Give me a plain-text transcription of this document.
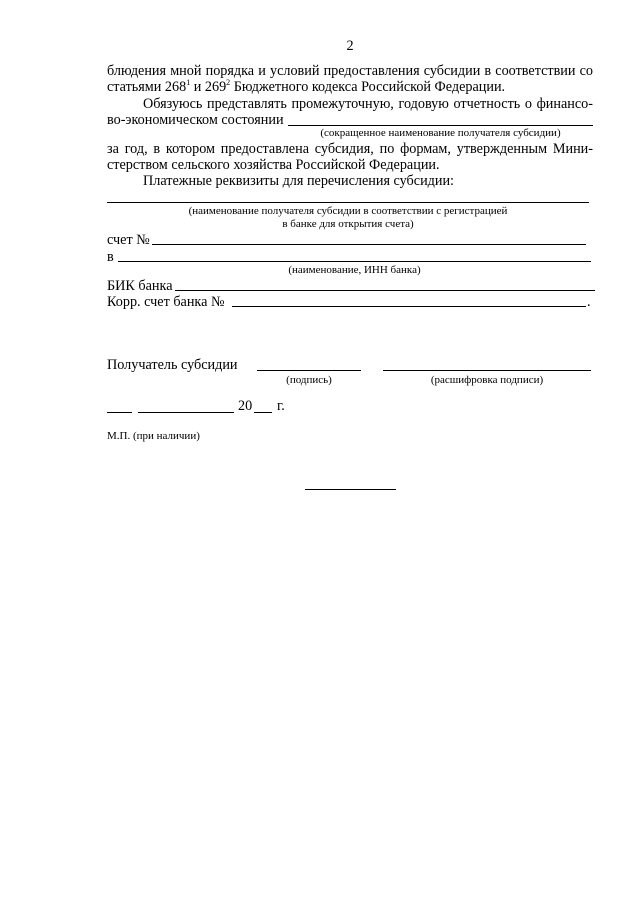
2
блюдения мной порядка и условий предоставления субсидии в соответствии со
статьями $268^1$ и $269^2$ Бюджетного кодекса Российской Федерации.
Обязуюсь представлять промежуточную, годовую отчетность о финансо-
во-экономическом состоянии
(сокращенное наименование получателя субсидии)
за год, в котором предоставлена субсидия, по формам, утвержденным Мини-
стерством сельского хозяйства Российской Федерации.
Платежные реквизиты для перечисления субсидии:
(наименование получателя субсидии в соответствии с регистрацией
в банке для открытия счета)
счет №
в
(наименование, ИНН банка)
БИК банка
Корр. счет банка №	.
Получатель субсидии
(подпись)	(расшифровка подписи)
20 г.
М.П. (при наличии)
